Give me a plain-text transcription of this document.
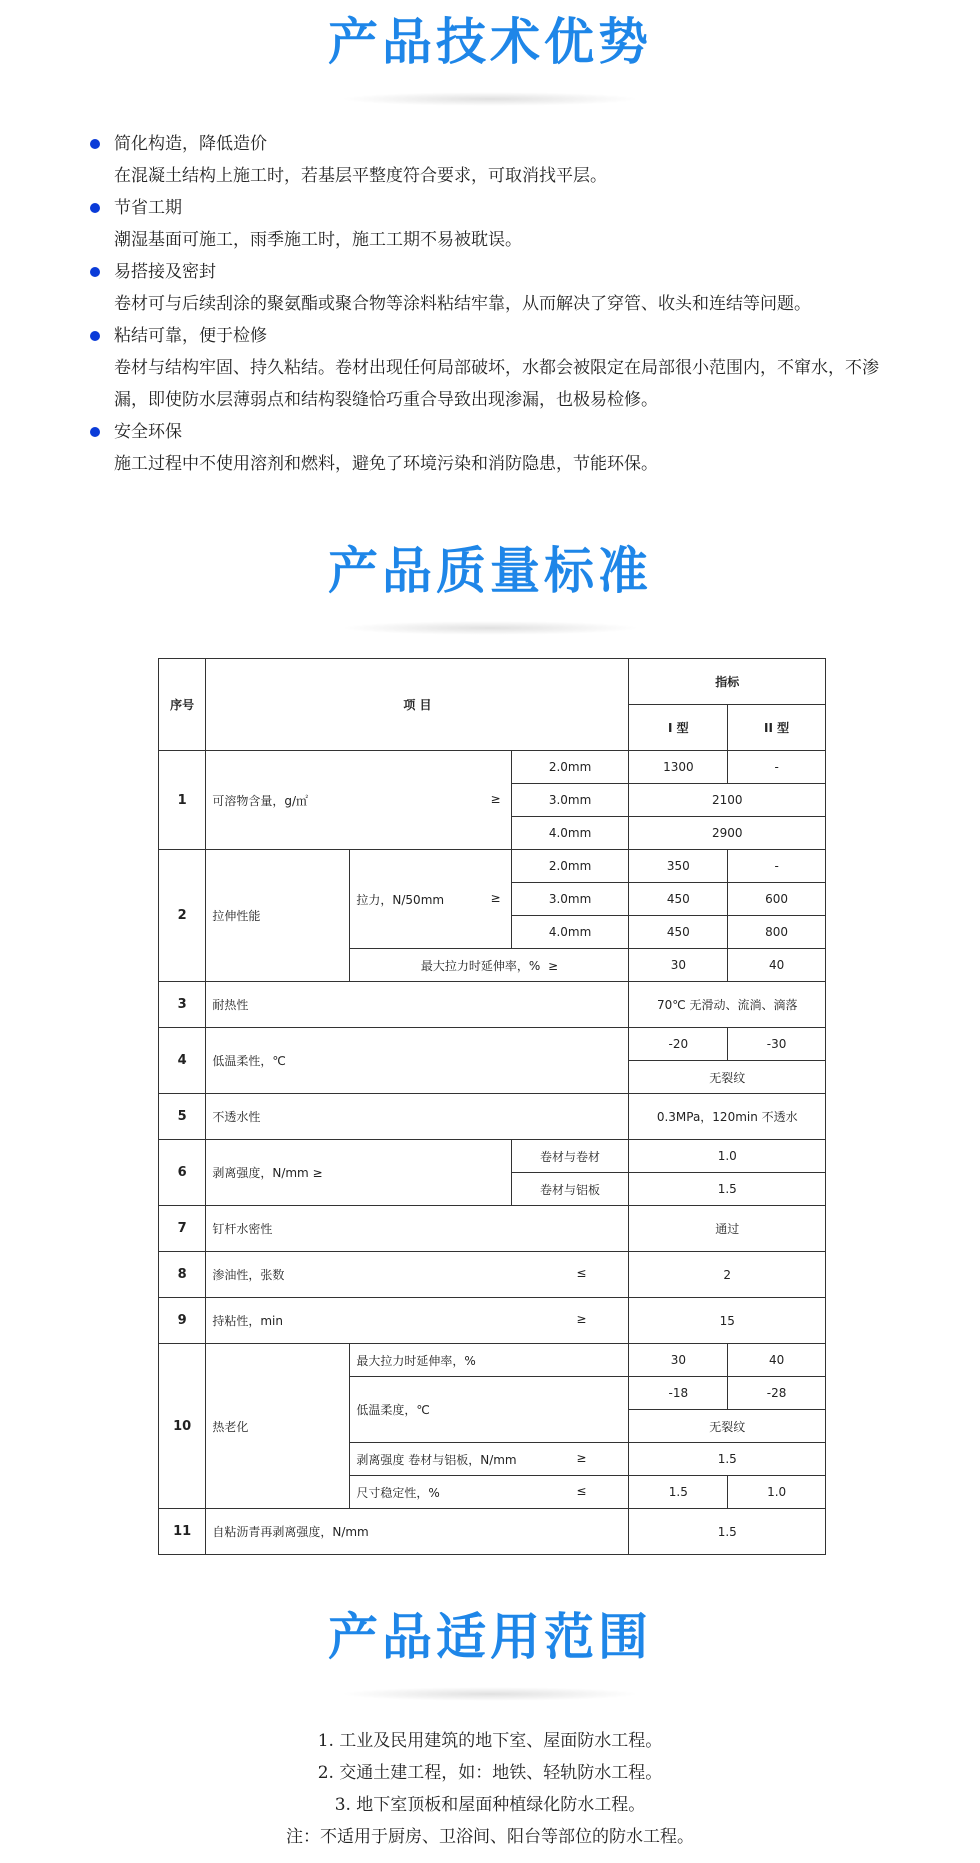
产品技术优势
简化构造，降低造价
在混凝土结构上施工时，若基层平整度符合要求，可取消找平层。
节省工期
潮湿基面可施工，雨季施工时，施工工期不易被耽误。
易搭接及密封
卷材可与后续刮涂的聚氨酯或聚合物等涂料粘结牢靠，从而解决了穿管、收头和连结等问题。
粘结可靠，便于检修
卷材与结构牢固、持久粘结。卷材出现任何局部破坏，水都会被限定在局部很小范围内，不窜水，不渗漏，即使防水层薄弱点和结构裂缝恰巧重合导致出现渗漏，也极易检修。
安全环保
施工过程中不使用溶剂和燃料，避免了环境污染和消防隐患，节能环保。
产品质量标准
序号	项 目			指标	
				I 型	II 型
1	可溶物含量，g/㎡ ≥		2.0mm	1300	-
			3.0mm	2100	
			4.0mm	2900	
2	拉伸性能	拉力，N/50mm ≥	2.0mm	350	-
			3.0mm	450	600
			4.0mm	450	800
		最大拉力时延伸率，% ≥		30	40
3	耐热性			70℃ 无滑动、流淌、滴落	
4	低温柔性，℃			-20	-30
				无裂纹	
5	不透水性			0.3MPa，120min 不透水	
6	剥离强度，N/mm ≥		卷材与卷材	1.0	
			卷材与铝板	1.5	
7	钉杆水密性			通过	
8	渗油性，张数 ≤			2	
9	持粘性，min ≥			15	
10	热老化	最大拉力时延伸率，%		30	40
		低温柔度，℃		-18	-28
				无裂纹	
		剥离强度 卷材与铝板，N/mm ≥		1.5	
		尺寸稳定性，% ≤		1.5	1.0
11	自粘沥青再剥离强度，N/mm			1.5	
产品适用范围
1. 工业及民用建筑的地下室、屋面防水工程。
2. 交通土建工程，如：地铁、轻轨防水工程。
3. 地下室顶板和屋面种植绿化防水工程。
注：不适用于厨房、卫浴间、阳台等部位的防水工程。
